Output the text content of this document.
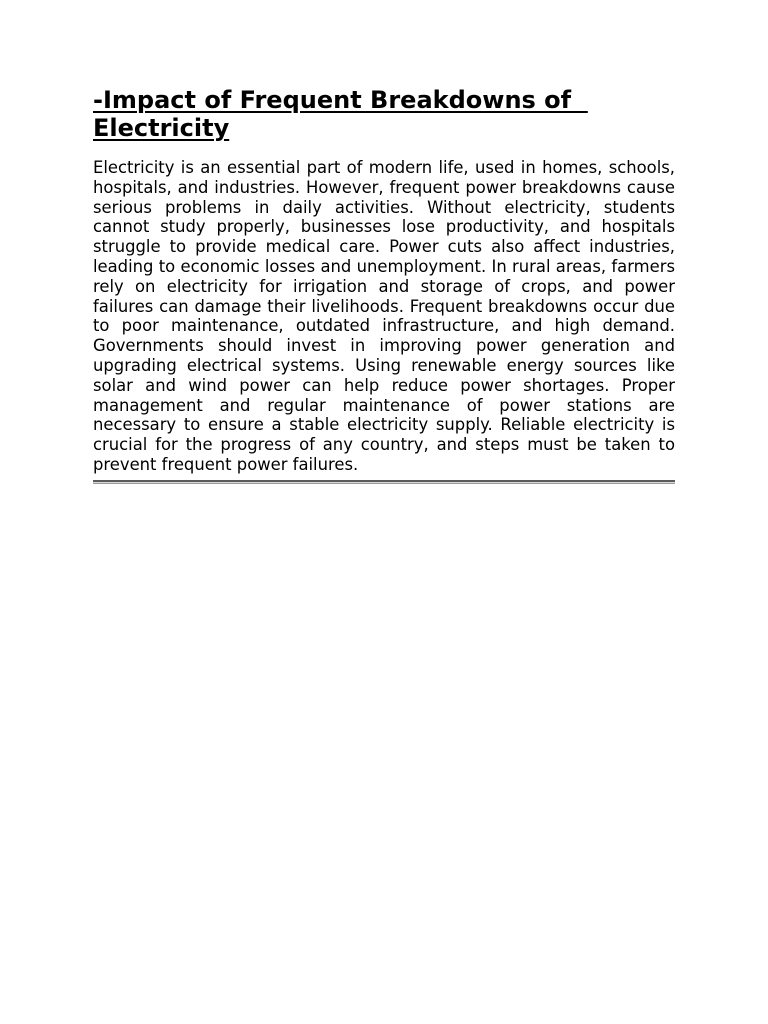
-Impact of Frequent Breakdowns of
Electricity

Electricity is an essential part of modern life, used in homes, schools, hospitals, and industries. However, frequent power breakdowns cause serious problems in daily activities. Without electricity, students cannot study properly, businesses lose productivity, and hospitals struggle to provide medical care. Power cuts also affect industries, leading to economic losses and unemployment. In rural areas, farmers rely on electricity for irrigation and storage of crops, and power failures can damage their livelihoods. Frequent breakdowns occur due to poor maintenance, outdated infrastructure, and high demand. Governments should invest in improving power generation and upgrading electrical systems. Using renewable energy sources like solar and wind power can help reduce power shortages. Proper management and regular maintenance of power stations are necessary to ensure a stable electricity supply. Reliable electricity is crucial for the progress of any country, and steps must be taken to prevent frequent power failures.
